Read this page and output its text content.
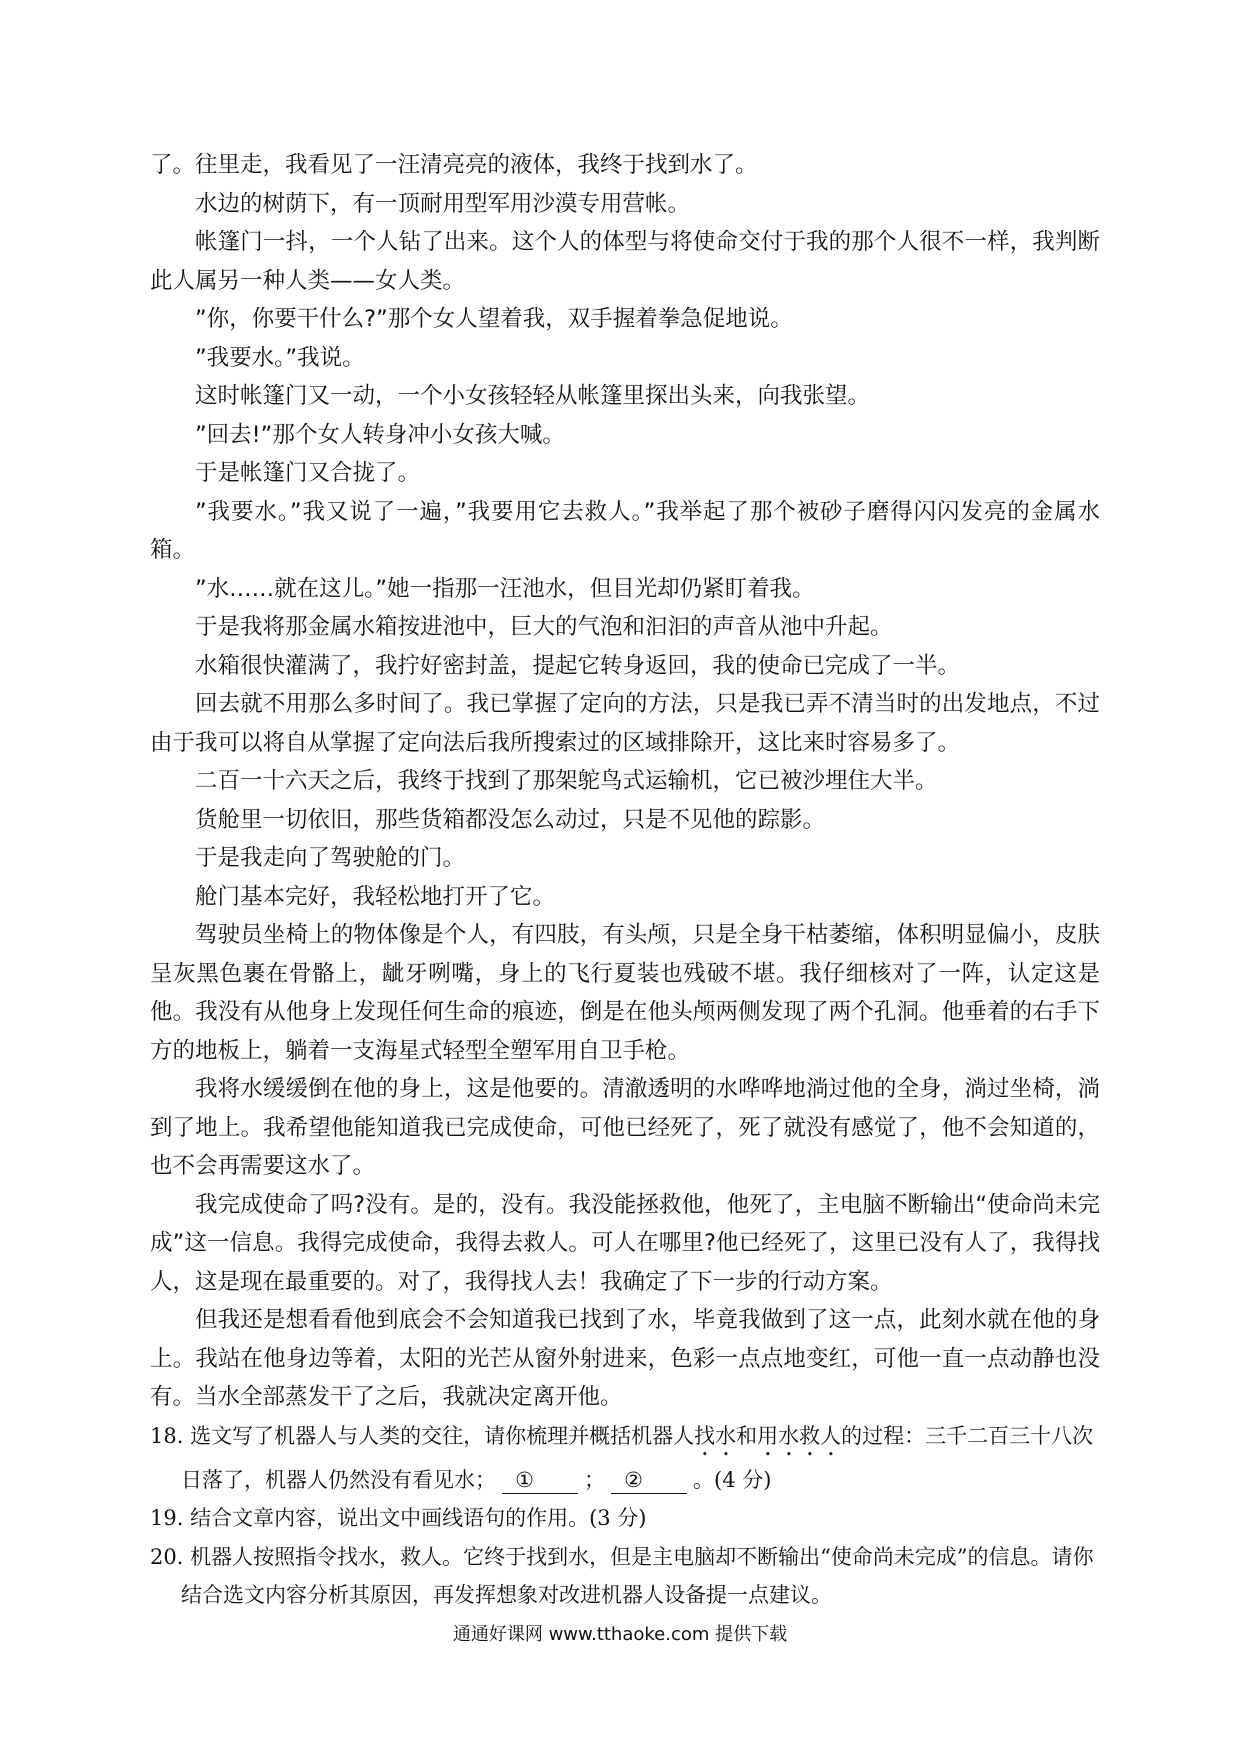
了。往里走，我看见了一汪清亮亮的液体，我终于找到水了。

水边的树荫下，有一顶耐用型军用沙漠专用营帐。

帐篷门一抖，一个人钻了出来。这个人的体型与将使命交付于我的那个人很不一样，我判断此人属另一种人类——女人类。

”你，你要干什么?”那个女人望着我，双手握着拳急促地说。

”我要水。”我说。

这时帐篷门又一动，一个小女孩轻轻从帐篷里探出头来，向我张望。

”回去!”那个女人转身冲小女孩大喊。

于是帐篷门又合拢了。

”我要水。”我又说了一遍，”我要用它去救人。”我举起了那个被砂子磨得闪闪发亮的金属水箱。

”水……就在这儿。”她一指那一汪池水，但目光却仍紧盯着我。

于是我将那金属水箱按进池中，巨大的气泡和汩汩的声音从池中升起。

水箱很快灌满了，我拧好密封盖，提起它转身返回，我的使命已完成了一半。

回去就不用那么多时间了。我已掌握了定向的方法，只是我已弄不清当时的出发地点，不过由于我可以将自从掌握了定向法后我所搜索过的区域排除开，这比来时容易多了。

二百一十六天之后，我终于找到了那架鸵鸟式运输机，它已被沙埋住大半。

货舱里一切依旧，那些货箱都没怎么动过，只是不见他的踪影。

于是我走向了驾驶舱的门。

舱门基本完好，我轻松地打开了它。

驾驶员坐椅上的物体像是个人，有四肢，有头颅，只是全身干枯萎缩，体积明显偏小，皮肤呈灰黑色裹在骨骼上，龇牙咧嘴，身上的飞行夏装也残破不堪。我仔细核对了一阵，认定这是他。我没有从他身上发现任何生命的痕迹，倒是在他头颅两侧发现了两个孔洞。他垂着的右手下方的地板上，躺着一支海星式轻型全塑军用自卫手枪。

我将水缓缓倒在他的身上，这是他要的。清澈透明的水哗哗地淌过他的全身，淌过坐椅，淌到了地上。我希望他能知道我已完成使命，可他已经死了，死了就没有感觉了，他不会知道的，也不会再需要这水了。

我完成使命了吗?没有。是的，没有。我没能拯救他，他死了，主电脑不断输出“使命尚未完成”这一信息。我得完成使命，我得去救人。可人在哪里?他已经死了，这里已没有人了，我得找人，这是现在最重要的。对了，我得找人去！我确定了下一步的行动方案。

但我还是想看看他到底会不会知道我已找到了水，毕竟我做到了这一点，此刻水就在他的身上。我站在他身边等着，太阳的光芒从窗外射进来，色彩一点点地变红，可他一直一点动静也没有。当水全部蒸发干了之后，我就决定离开他。

18. 选文写了机器人与人类的交往，请你梳理并概括机器人找水和用水救人的过程：三千二百三十八次日落了，机器人仍然没有看见水； ① ； ② 。(4 分)

19. 结合文章内容，说出文中画线语句的作用。(3 分)

20. 机器人按照指令找水，救人。它终于找到水，但是主电脑却不断输出“使命尚未完成”的信息。请你结合选文内容分析其原因，再发挥想象对改进机器人设备提一点建议。

通通好课网 www.tthaoke.com 提供下载
